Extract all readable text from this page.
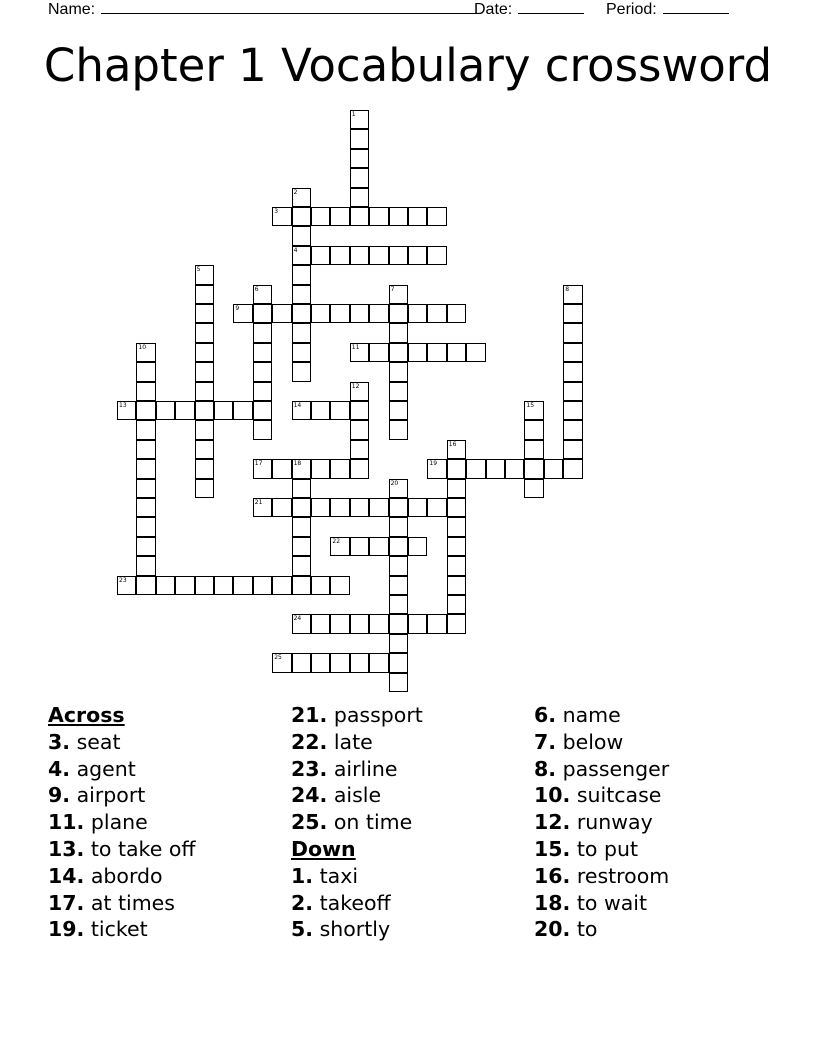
Name:	Date:	Period:
Chapter 1 Vocabulary crossword
1
2
4
3
5
6	7	8
9
10	11
12
13	14	15
16
17	18	19
20
21
22
23
24
25
Across
3. seat
4. agent
9. airport
11. plane
13. to take off
14. abordo
17. at times
19. ticket
21. passport
22. late
23. airline
24. aisle
25. on time
Down
1. taxi
2. takeoff
5. shortly
6. name
7. below
8. passenger
10. suitcase
12. runway
15. to put
16. restroom
18. to wait
20. to
